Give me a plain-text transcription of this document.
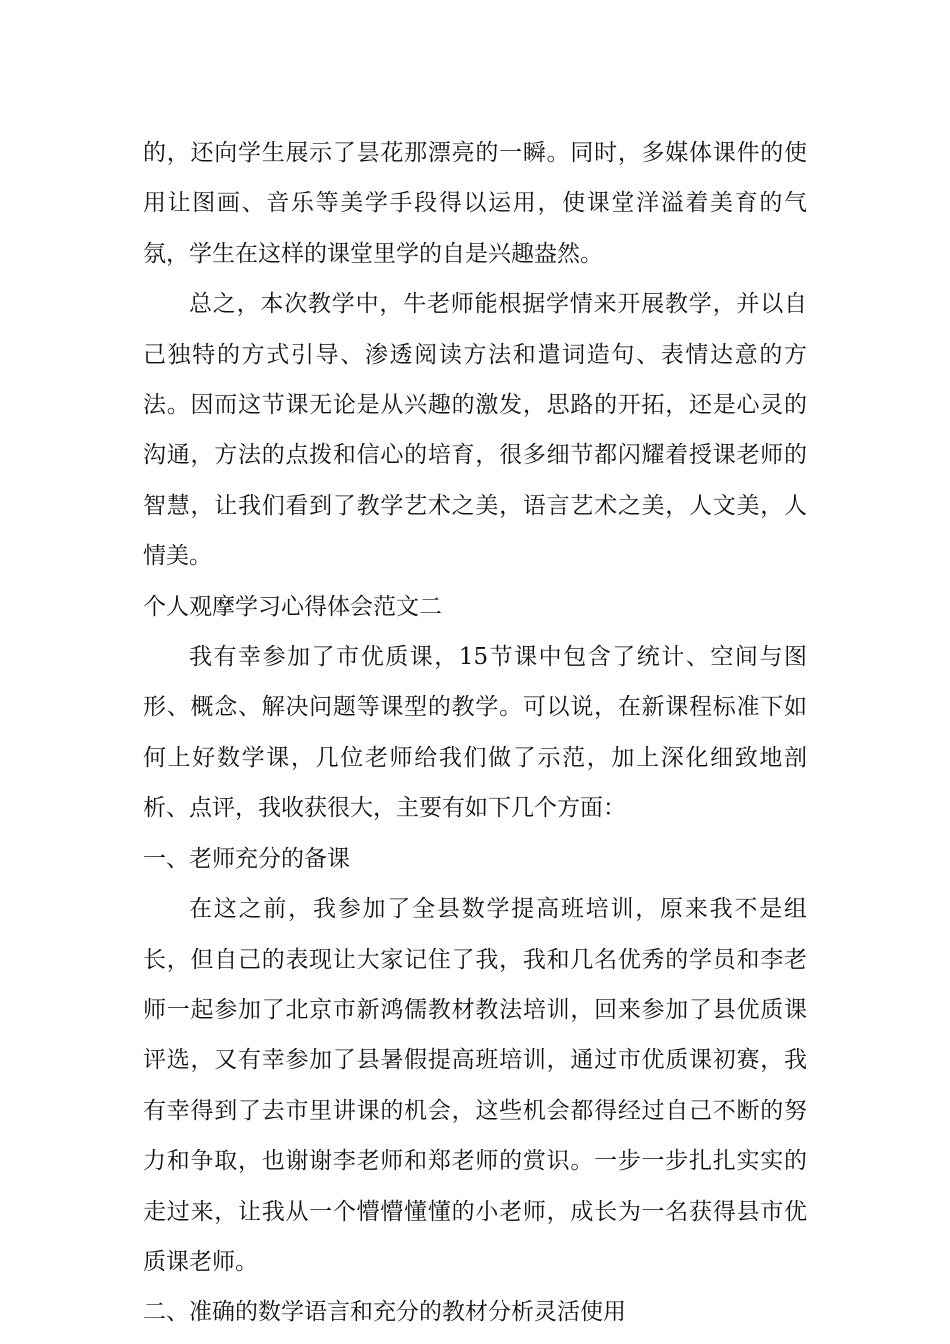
的，还向学生展示了昙花那漂亮的一瞬。同时，多媒体课件的使用让图画、音乐等美学手段得以运用，使课堂洋溢着美育的气氛，学生在这样的课堂里学的自是兴趣盎然。

总之，本次教学中，牛老师能根据学情来开展教学，并以自己独特的方式引导、渗透阅读方法和遣词造句、表情达意的方法。因而这节课无论是从兴趣的激发，思路的开拓，还是心灵的沟通，方法的点拨和信心的培育，很多细节都闪耀着授课老师的智慧，让我们看到了教学艺术之美，语言艺术之美，人文美，人情美。

个人观摩学习心得体会范文二

我有幸参加了市优质课，15节课中包含了统计、空间与图形、概念、解决问题等课型的教学。可以说，在新课程标准下如何上好数学课，几位老师给我们做了示范，加上深化细致地剖析、点评，我收获很大，主要有如下几个方面：

一、老师充分的备课

在这之前，我参加了全县数学提高班培训，原来我不是组长，但自己的表现让大家记住了我，我和几名优秀的学员和李老师一起参加了北京市新鸿儒教材教法培训，回来参加了县优质课评选，又有幸参加了县暑假提高班培训，通过市优质课初赛，我有幸得到了去市里讲课的机会，这些机会都得经过自己不断的努力和争取，也谢谢李老师和郑老师的赏识。一步一步扎扎实实的走过来，让我从一个懵懵懂懂的小老师，成长为一名获得县市优质课老师。

二、准确的数学语言和充分的教材分析灵活使用
